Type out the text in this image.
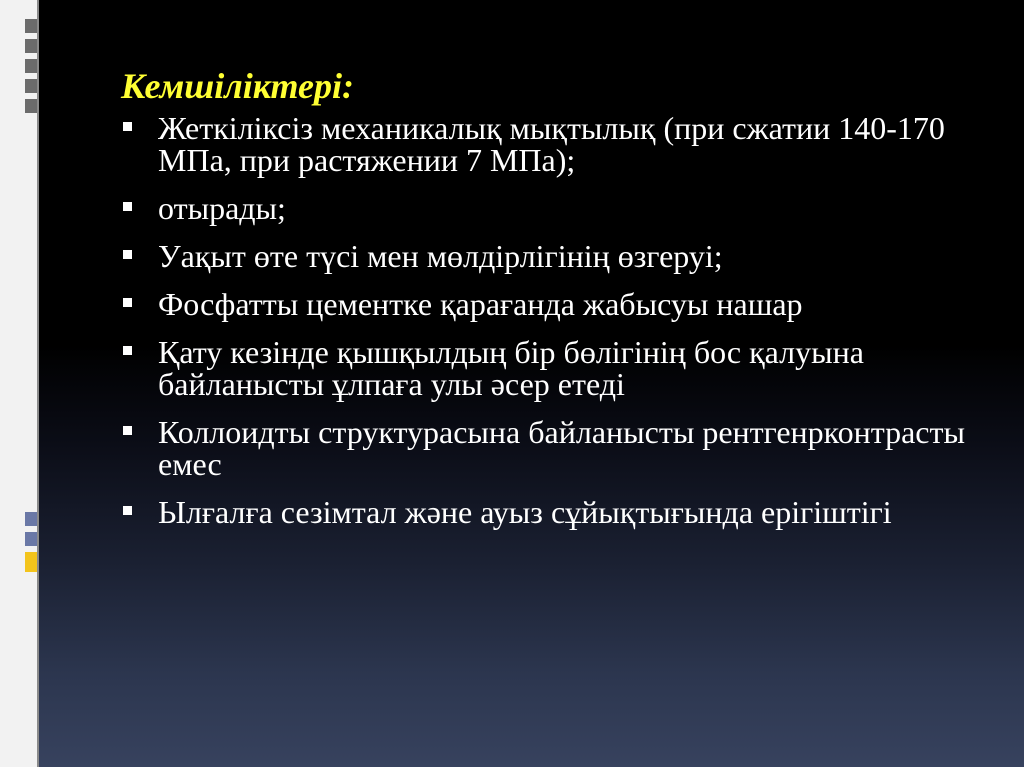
Кемшіліктері:
Жеткіліксіз механикалық мықтылық (при сжатии 140-170 МПа, при растяжении 7 МПа);
отырады;
Уақыт өте түсі мен мөлдірлігінің өзгеруі;
Фосфатты цементке қарағанда жабысуы нашар
Қату кезінде қышқылдың бір бөлігінің бос қалуына байланысты ұлпаға улы әсер етеді
Коллоидты структурасына байланысты рентгенрконтрасты емес
Ылғалға сезімтал және ауыз сұйықтығында ерігіштігі
